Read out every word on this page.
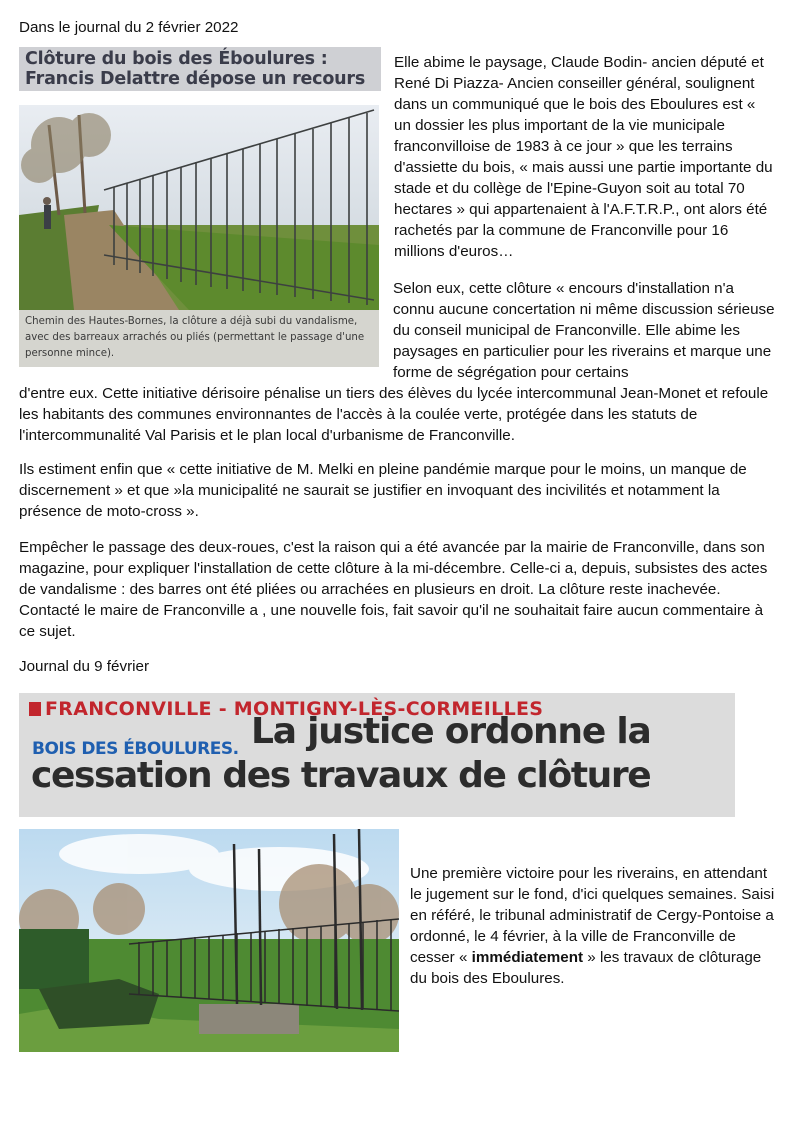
Dans le journal du 2 février 2022

Clôture du bois des Éboulures :
Francis Delattre dépose un recours
Chemin des Hautes-Bornes, la clôture a déjà subi du vandalisme, avec des barreaux arrachés ou pliés (permettant le passage d'une personne mince).

Elle abime le paysage, Claude Bodin- ancien député et René Di Piazza- Ancien conseiller général, soulignent dans un communiqué que le bois des Eboulures est « un dossier les plus important de la vie municipale franconvilloise de 1983 à ce jour » que les terrains d'assiette du bois, « mais aussi une partie importante du stade et du collège de l'Epine-Guyon soit au total 70 hectares » qui appartenaient à l'A.F.T.R.P., ont alors été rachetés par la commune de Franconville pour 16 millions d'euros…

Selon eux, cette clôture « encours d'installation n'a connu aucune concertation ni même discussion sérieuse du conseil municipal de Franconville. Elle abime les paysages en particulier pour les riverains et marque une forme de ségrégation pour certains

d'entre eux. Cette initiative dérisoire pénalise un tiers des élèves du lycée intercommunal Jean-Monet et refoule les habitants des communes environnantes de l'accès à la coulée verte, protégée dans les statuts de l'intercommunalité Val Parisis et le plan local d'urbanisme de Franconville.

Ils estiment enfin que « cette initiative de M. Melki en pleine pandémie marque pour le moins, un manque de discernement » et que »la municipalité ne saurait se justifier en invoquant des incivilités et notamment la présence de moto-cross ».

Empêcher le passage des deux-roues, c'est la raison qui a été avancée par la mairie de Franconville, dans son magazine, pour expliquer l'installation de cette clôture à la mi-décembre. Celle-ci a, depuis, subsistes des actes de vandalisme : des barres ont été pliées ou arrachées en plusieurs en droit. La clôture reste inachevée. Contacté le maire de Franconville a , une nouvelle fois, fait savoir qu'il ne souhaitait faire aucun commentaire à ce sujet.

Journal du 9 février

FRANCONVILLE - MONTIGNY-LÈS-CORMEILLES
BOIS DES ÉBOULURES. La justice ordonne la
cessation des travaux de clôture

Une première victoire pour les riverains, en attendant le jugement sur le fond, d'ici quelques semaines. Saisi en référé, le tribunal administratif de Cergy-Pontoise a ordonné, le 4 février, à la ville de Franconville de cesser « immédiatement » les travaux de clôturage du bois des Eboulures.
